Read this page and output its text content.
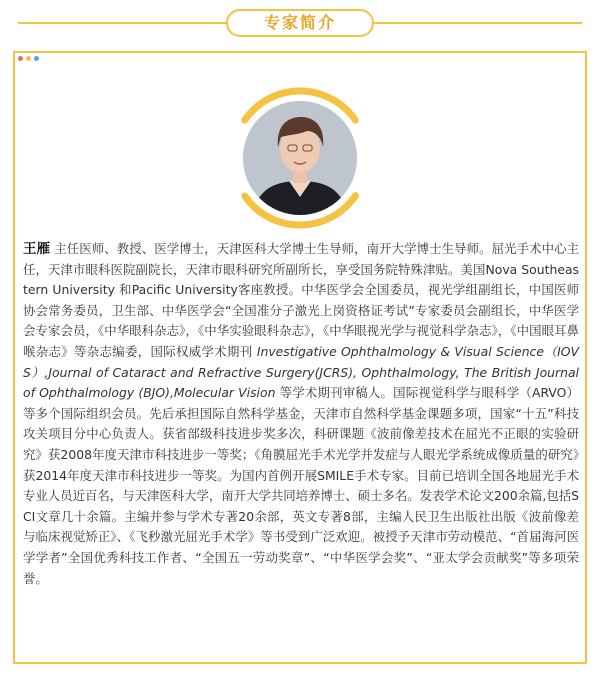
专家简介

王雁 主任医师、教授、医学博士，天津医科大学博士生导师，南开大学博士生导师。屈光手术中心主任，天津市眼科医院副院长，天津市眼科研究所副所长，享受国务院特殊津贴。美国Nova Southeastern University 和Pacific University客座教授。中华医学会全国委员，视光学组副组长，中国医师协会常务委员，卫生部、中华医学会“全国准分子激光上岗资格证考试”专家委员会副组长，中华医学会专家会员，《中华眼科杂志》，《中华实验眼科杂志》，《中华眼视光学与视觉科学杂志》，《中国眼耳鼻喉杂志》等杂志编委，国际权威学术期刊 Investigative Ophthalmology & Visual Science（IOVS）,Journal of Cataract and Refractive Surgery(JCRS), Ophthalmology, The British Journal of Ophthalmology (BJO),Molecular Vision 等学术期刊审稿人。国际视觉科学与眼科学（ARVO）等多个国际组织会员。先后承担国际自然科学基金，天津市自然科学基金课题多项，国家“十五”科技攻关项目分中心负责人。获省部级科技进步奖多次，科研课题《波前像差技术在屈光不正眼的实验研究》获2008年度天津市科技进步一等奖；《角膜屈光手术光学并发症与人眼光学系统成像质量的研究》获2014年度天津市科技进步一等奖。为国内首例开展SMILE手术专家。目前已培训全国各地屈光手术专业人员近百名，与天津医科大学，南开大学共同培养博士、硕士多名。发表学术论文200余篇,包括SCI文章几十余篇。主编并参与学术专著20余部，英文专著8部，主编人民卫生出版社出版《波前像差与临床视觉矫正》、《飞秒激光屈光手术学》等书受到广泛欢迎。被授予天津市劳动模范、“首届海河医学学者”全国优秀科技工作者、“全国五一劳动奖章”、“中华医学会奖”、“亚太学会贡献奖”等多项荣誉。
